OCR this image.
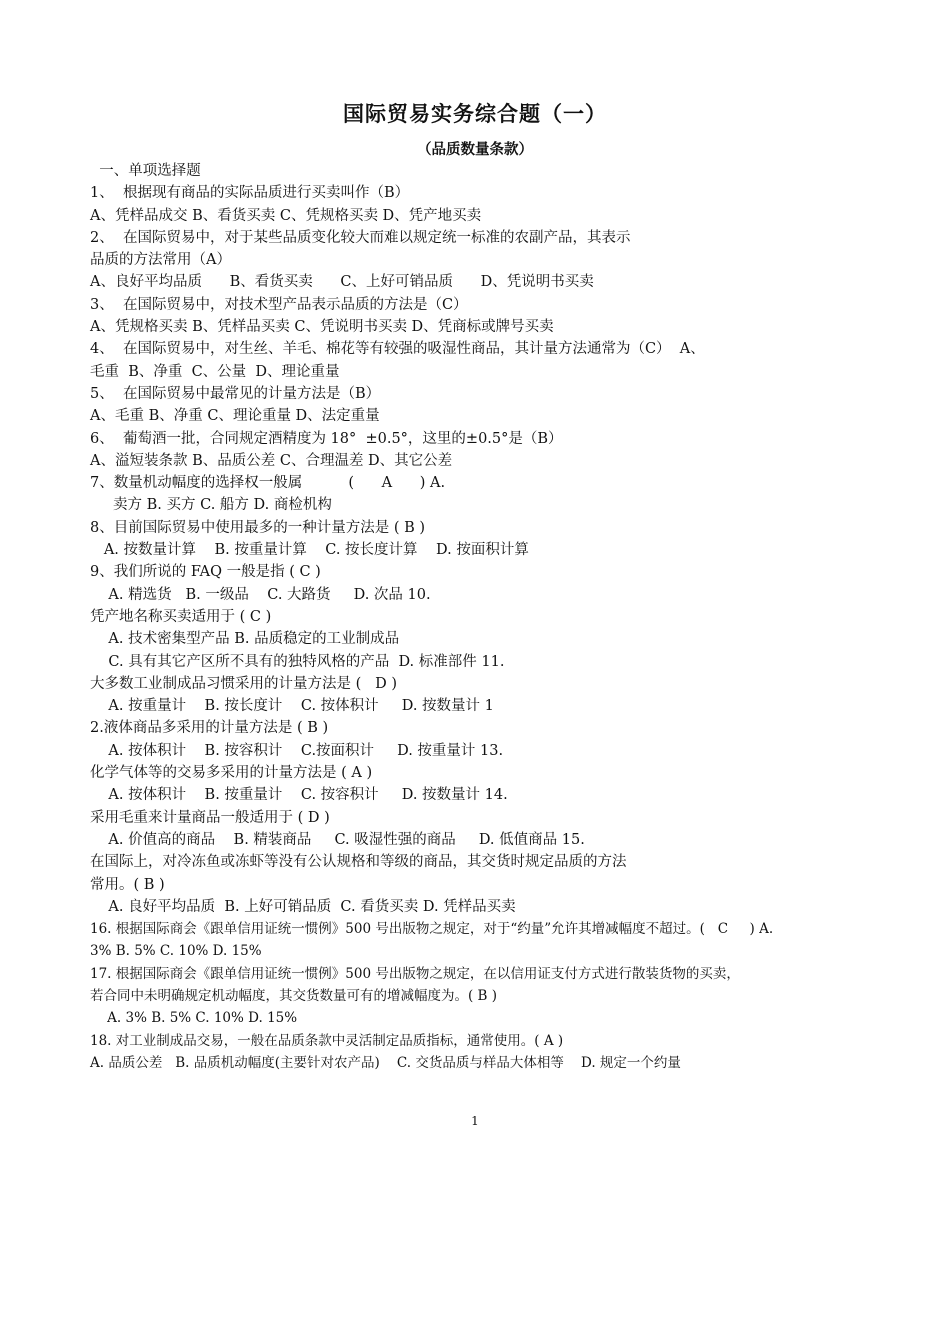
国际贸易实务综合题（一）
（品质数量条款）
一、单项选择题
1、  根据现有商品的实际品质进行买卖叫作（B）
A、凭样品成交 B、看货买卖 C、凭规格买卖 D、凭产地买卖
2、  在国际贸易中，对于某些品质变化较大而难以规定统一标准的农副产品，其表示
品质的方法常用（A）
A、良好平均品质      B、看货买卖      C、上好可销品质      D、凭说明书买卖
3、  在国际贸易中，对技术型产品表示品质的方法是（C）
A、凭规格买卖 B、凭样品买卖 C、凭说明书买卖 D、凭商标或牌号买卖
4、  在国际贸易中，对生丝、羊毛、棉花等有较强的吸湿性商品，其计量方法通常为（C）  A、
毛重  B、净重  C、公量  D、理论重量
5、  在国际贸易中最常见的计量方法是（B）
A、毛重 B、净重 C、理论重量 D、法定重量
6、  葡萄酒一批，合同规定酒精度为 18°  ±0.5°，这里的±0.5°是（B）
A、溢短装条款 B、品质公差 C、合理温差 D、其它公差
7、数量机动幅度的选择权一般属          (      A      ) A.
卖方 B. 买方 C. 船方 D. 商检机构
8、目前国际贸易中使用最多的一种计量方法是 ( B )
A. 按数量计算    B. 按重量计算    C. 按长度计算    D. 按面积计算
9、我们所说的 FAQ 一般是指 ( C )
A. 精选货   B. 一级品    C. 大路货     D. 次品 10.
凭产地名称买卖适用于 ( C )
A. 技术密集型产品 B. 品质稳定的工业制成品
C. 具有其它产区所不具有的独特风格的产品  D. 标准部件 11.
大多数工业制成品习惯采用的计量方法是 (   D )
A. 按重量计    B. 按长度计    C. 按体积计     D. 按数量计 1
2.液体商品多采用的计量方法是 ( B )
A. 按体积计    B. 按容积计    C.按面积计     D. 按重量计 13.
化学气体等的交易多采用的计量方法是 ( A )
A. 按体积计    B. 按重量计    C. 按容积计     D. 按数量计 14.
采用毛重来计量商品一般适用于 ( D )
A. 价值高的商品    B. 精装商品     C. 吸湿性强的商品     D. 低值商品 15.
在国际上，对冷冻鱼或冻虾等没有公认规格和等级的商品，其交货时规定品质的方法
常用。( B )
A. 良好平均品质  B. 上好可销品质  C. 看货买卖 D. 凭样品买卖
16. 根据国际商会《跟单信用证统一惯例》500 号出版物之规定，对于“约量”允许其增减幅度不超过。(   C     ) A.
3% B. 5% C. 10% D. 15%
17. 根据国际商会《跟单信用证统一惯例》500 号出版物之规定，在以信用证支付方式进行散装货物的买卖，
若合同中未明确规定机动幅度，其交货数量可有的增减幅度为。( B )
A. 3% B. 5% C. 10% D. 15%
18. 对工业制成品交易，一般在品质条款中灵活制定品质指标，通常使用。( A )
A. 品质公差   B. 品质机动幅度(主要针对农产品)    C. 交货品质与样品大体相等    D. 规定一个约量
1
